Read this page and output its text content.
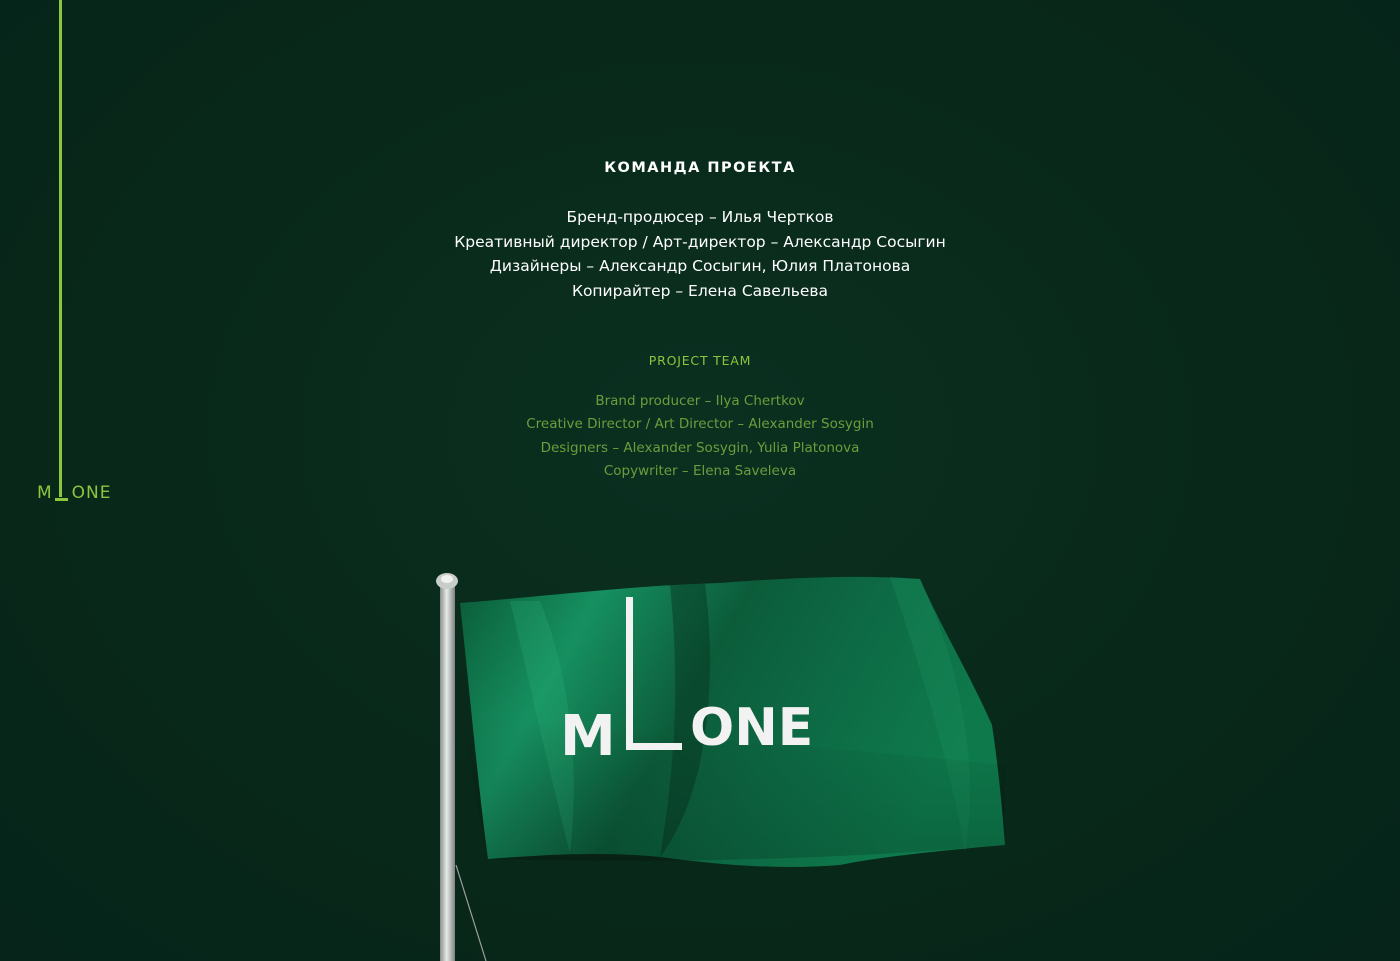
M ONE
КОМАНДА ПРОЕКТА
Бренд-продюсер – Илья Чертков
Креативный директор / Арт-директор – Александр Сосыгин
Дизайнеры – Александр Сосыгин, Юлия Платонова
Копирайтер – Елена Савельева
PROJECT TEAM
Brand producer – Ilya Chertkov
Creative Director / Art Director – Alexander Sosygin
Designers – Alexander Sosygin, Yulia Platonova
Copywriter – Elena Saveleva
M ONE
